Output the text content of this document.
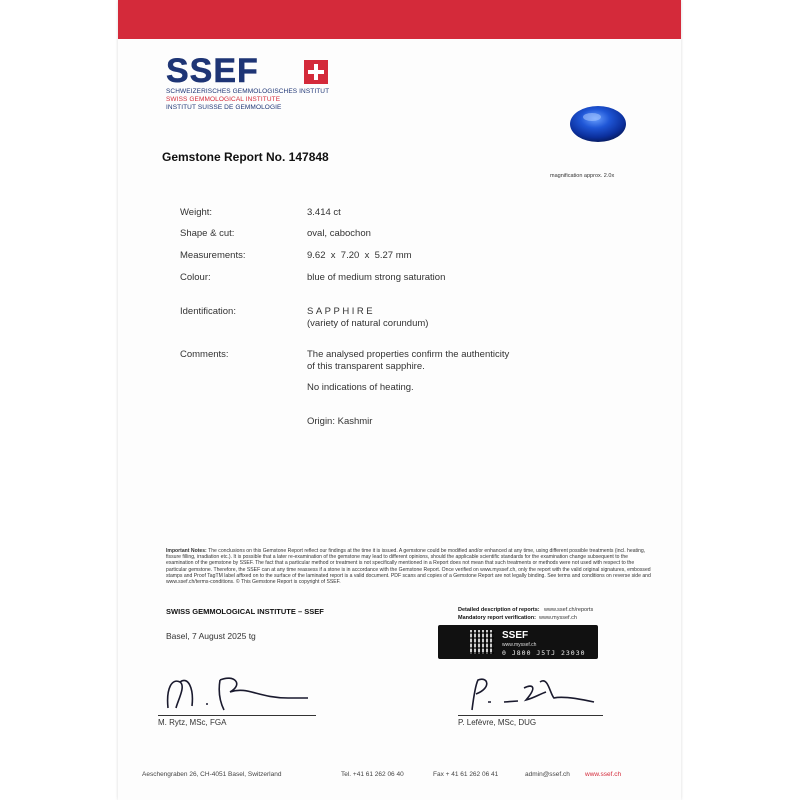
SSEF
SCHWEIZERISCHES GEMMOLOGISCHES INSTITUT
SWISS GEMMOLOGICAL INSTITUTE
INSTITUT SUISSE DE GEMMOLOGIE
Gemstone Report No. 147848
magnification approx. 2.0x
Weight:	3.414 ct
Shape & cut:	oval, cabochon
Measurements:	9.62  x  7.20  x  5.27 mm
Colour:	blue of medium strong saturation
Identification:	SAPPHIRE
(variety of natural corundum)
Comments:	The analysed properties confirm the authenticity
of this transparent sapphire.
No indications of heating.
Origin: Kashmir
Important Notes: The conclusions on this Gemstone Report reflect our findings at the time it is issued. A gemstone could be modified and/or enhanced at any time, using different possible treatments (incl. heating, fissure filling, irradiation etc.). It is possible that a later re-examination of the gemstone may lead to different opinions, should the applicable scientific standards for the examination change subsequent to the examination of the gemstone by SSEF. The fact that a particular method or treatment is not specifically mentioned in a Report does not mean that such treatments or methods were not used with respect to the particular gemstone. Therefore, the SSEF can at any time reassess if a stone is in accordance with the Gemstone Report. Once verified on www.myssef.ch, only the report with the valid original signatures, embossed stamps and Proof TagTM label affixed on to the surface of the laminated report is a valid document. PDF scans and copies of a Gemstone Report are not legally binding. See terms and conditions on reverse side and www.ssef.ch/terms-conditions. © This Gemstone Report is copyright of SSEF.
SWISS GEMMOLOGICAL INSTITUTE – SSEF
Basel, 7 August 2025 tg
Detailed description of reports: www.ssef.ch/reports
Mandatory report verification: www.myssef.ch
SSEF
www.myssef.ch
0 J800 J5TJ 23030
M. Rytz, MSc, FGA	P. Lefèvre, MSc, DUG
Aeschengraben 26, CH-4051 Basel, Switzerland	Tel. +41 61 262 06 40	Fax + 41 61 262 06 41	admin@ssef.ch www.ssef.ch
